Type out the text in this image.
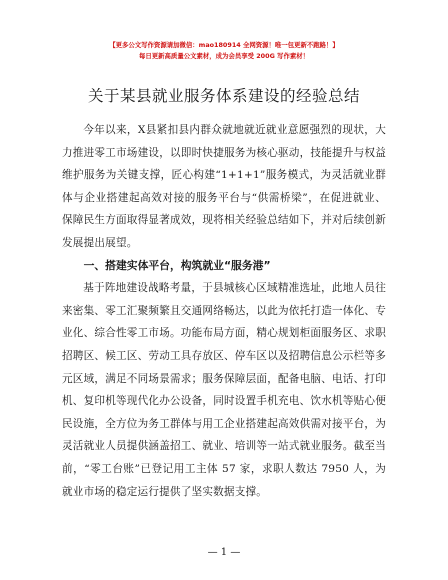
【更多公文写作资源请加微信：mao180914 全网资源！唯一包更新不跑路！】
每日更新高质量公文素材，成为会员享受 200G 写作素材！
关于某县就业服务体系建设的经验总结
今年以来，X县紧扣县内群众就地就近就业意愿强烈的现状，大力推进零工市场建设，以即时快捷服务为核心驱动，技能提升与权益维护服务为关键支撑，匠心构建“1+1+1”服务模式，为灵活就业群体与企业搭建起高效对接的服务平台与“供需桥梁”，在促进就业、保障民生方面取得显著成效，现将相关经验总结如下，并对后续创新发展提出展望。
一、搭建实体平台，构筑就业“服务港”
基于阵地建设战略考量，于县城核心区域精准选址，此地人员往来密集、零工汇聚频繁且交通网络畅达，以此为依托打造一体化、专业化、综合性零工市场。功能布局方面，精心规划柜面服务区、求职招聘区、候工区、劳动工具存放区、停车区以及招聘信息公示栏等多元区域，满足不同场景需求；服务保障层面，配备电脑、电话、打印机、复印机等现代化办公设备，同时设置手机充电、饮水机等贴心便民设施，全方位为务工群体与用工企业搭建起高效供需对接平台，为灵活就业人员提供涵盖招工、就业、培训等一站式就业服务。截至当前，“零工台账”已登记用工主体 57 家，求职人数达 7950 人，为就业市场的稳定运行提供了坚实数据支撑。
— 1 —
